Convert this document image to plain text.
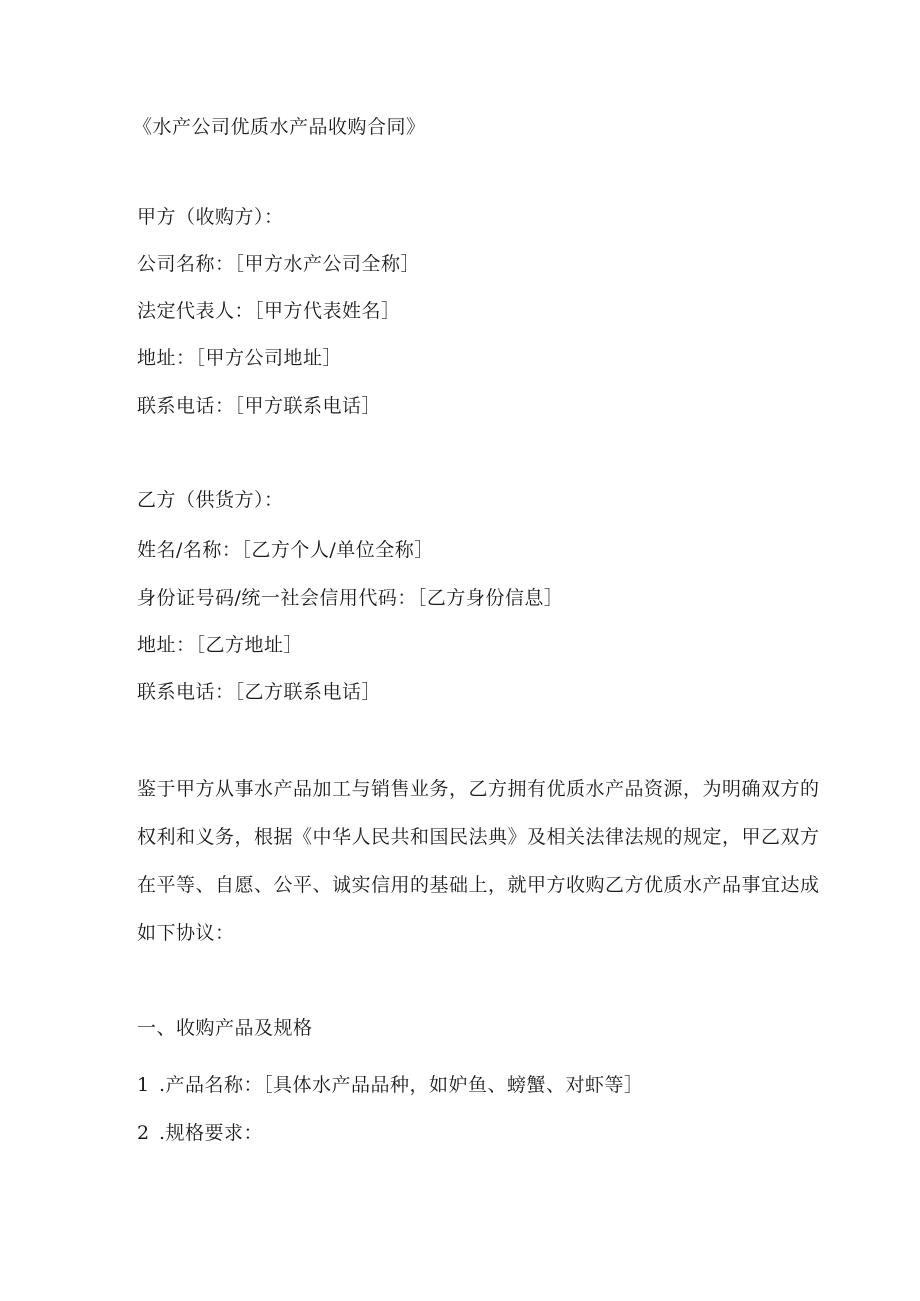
《水产公司优质水产品收购合同》
甲方（收购方）：
公司名称：［甲方水产公司全称］
法定代表人：［甲方代表姓名］
地址：［甲方公司地址］
联系电话：［甲方联系电话］
乙方（供货方）：
姓名/名称：［乙方个人/单位全称］
身份证号码/统一社会信用代码：［乙方身份信息］
地址：［乙方地址］
联系电话：［乙方联系电话］
鉴于甲方从事水产品加工与销售业务，乙方拥有优质水产品资源，为明确双方的
权利和义务，根据《中华人民共和国民法典》及相关法律法规的规定，甲乙双方
在平等、自愿、公平、诚实信用的基础上，就甲方收购乙方优质水产品事宜达成
如下协议：
一、收购产品及规格
1 .产品名称：［具体水产品品种，如妒鱼、螃蟹、对虾等］
2 .规格要求：
